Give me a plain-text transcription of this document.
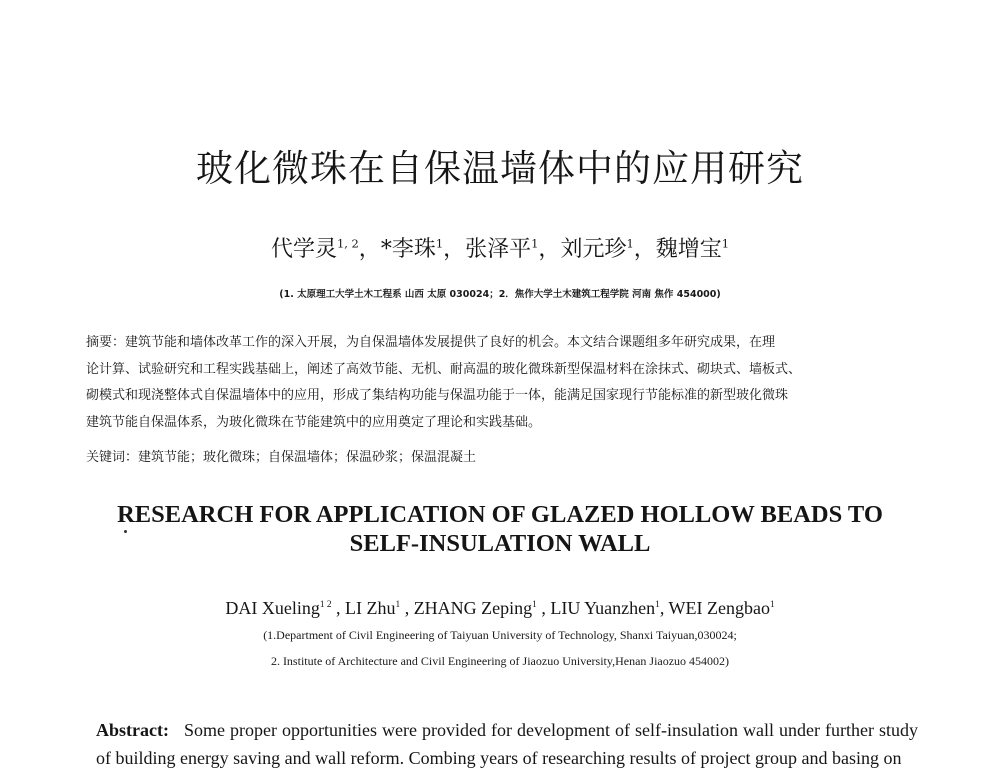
玻化微珠在自保温墙体中的应用研究
代学灵$^{1, 2}$，*李珠$^1$，张泽平$^1$，刘元珍$^1$，魏增宝$^1$
(1. 太原理工大学土木工程系 山西 太原 030024；2．焦作大学土木建筑工程学院 河南 焦作 454000)
摘要：建筑节能和墙体改革工作的深入开展，为自保温墙体发展提供了良好的机会。本文结合课题组多年研究成果，在理
论计算、试验研究和工程实践基础上，阐述了高效节能、无机、耐高温的玻化微珠新型保温材料在涂抹式、砌块式、墙板式、
砌模式和现浇整体式自保温墙体中的应用，形成了集结构功能与保温功能于一体，能满足国家现行节能标准的新型玻化微珠
建筑节能自保温体系，为玻化微珠在节能建筑中的应用奠定了理论和实践基础。
关键词：建筑节能；玻化微珠；自保温墙体；保温砂浆；保温混凝土
RESEARCH FOR APPLICATION OF GLAZED HOLLOW BEADS TO
SELF-INSULATION WALL
DAI Xueling$^{1 2}$ , LI Zhu$^1$ , ZHANG Zeping$^1$ , LIU Yuanzhen$^1$, WEI Zengbao$^1$
(1.Department of Civil Engineering of Taiyuan University of Technology, Shanxi Taiyuan,030024;
2. Institute of Architecture and Civil Engineering of Jiaozuo University,Henan Jiaozuo 454002)
Abstract: Some proper opportunities were provided for development of self-insulation wall under further study of building energy saving and wall reform. Combing years of researching results of project group and basing on
